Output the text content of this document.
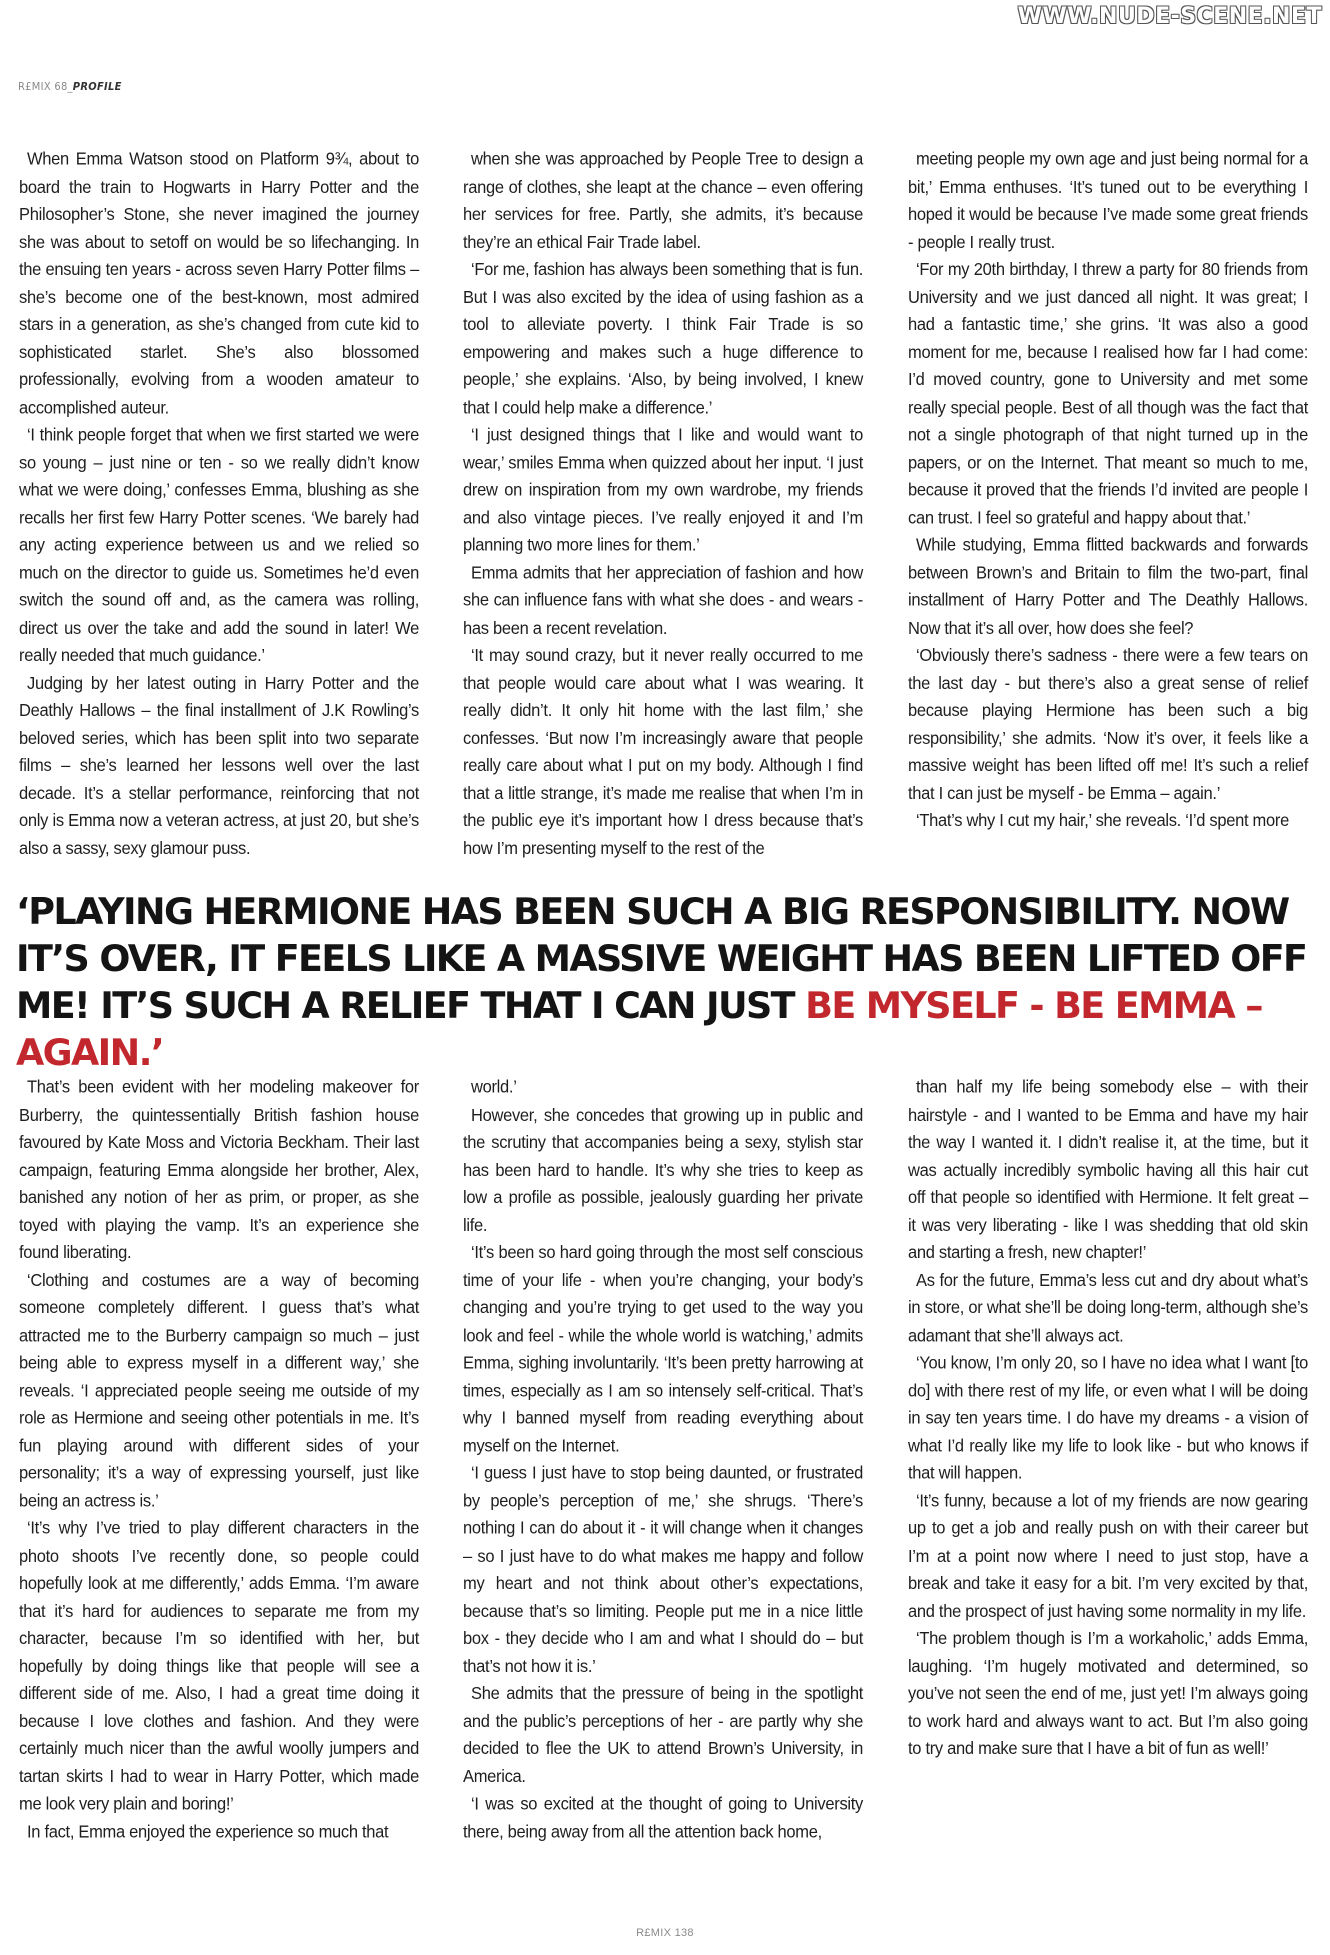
WWW.NUDE-SCENE.NET
R£MIX 68_PROFILE

When Emma Watson stood on Platform 9¾, about to board the train to Hogwarts in Harry Potter and the Philosopher’s Stone, she never imagined the journey she was about to setoff on would be so lifechanging. In the ensuing ten years - across seven Harry Potter films – she’s become one of the best-known, most admired stars in a generation, as she’s changed from cute kid to sophisticated starlet. She’s also blossomed professionally, evolving from a wooden amateur to accomplished auteur.

‘I think people forget that when we first started we were so young – just nine or ten - so we really didn’t know what we were doing,’ confesses Emma, blushing as she recalls her first few Harry Potter scenes. ‘We barely had any acting experience between us and we relied so much on the director to guide us. Sometimes he’d even switch the sound off and, as the camera was rolling, direct us over the take and add the sound in later! We really needed that much guidance.’

Judging by her latest outing in Harry Potter and the Deathly Hallows – the final installment of J.K Rowling’s beloved series, which has been split into two separate films – she’s learned her lessons well over the last decade. It’s a stellar performance, reinforcing that not only is Emma now a veteran actress, at just 20, but she’s also a sassy, sexy glamour puss.

when she was approached by People Tree to design a range of clothes, she leapt at the chance – even offering her services for free. Partly, she admits, it’s because they’re an ethical Fair Trade label.

‘For me, fashion has always been something that is fun. But I was also excited by the idea of using fashion as a tool to alleviate poverty. I think Fair Trade is so empowering and makes such a huge difference to people,’ she explains. ‘Also, by being involved, I knew that I could help make a difference.’

‘I just designed things that I like and would want to wear,’ smiles Emma when quizzed about her input. ‘I just drew on inspiration from my own wardrobe, my friends and also vintage pieces. I’ve really enjoyed it and I’m planning two more lines for them.’

Emma admits that her appreciation of fashion and how she can influence fans with what she does - and wears - has been a recent revelation.

‘It may sound crazy, but it never really occurred to me that people would care about what I was wearing. It really didn’t. It only hit home with the last film,’ she confesses. ‘But now I’m increasingly aware that people really care about what I put on my body. Although I find that a little strange, it’s made me realise that when I’m in the public eye it’s important how I dress because that’s how I’m presenting myself to the rest of the

meeting people my own age and just being normal for a bit,’ Emma enthuses. ‘It’s tuned out to be everything I hoped it would be because I’ve made some great friends - people I really trust.

‘For my 20th birthday, I threw a party for 80 friends from University and we just danced all night. It was great; I had a fantastic time,’ she grins. ‘It was also a good moment for me, because I realised how far I had come: I’d moved country, gone to University and met some really special people. Best of all though was the fact that not a single photograph of that night turned up in the papers, or on the Internet. That meant so much to me, because it proved that the friends I’d invited are people I can trust. I feel so grateful and happy about that.’

While studying, Emma flitted backwards and forwards between Brown’s and Britain to film the two-part, final installment of Harry Potter and The Deathly Hallows. Now that it’s all over, how does she feel?

‘Obviously there’s sadness - there were a few tears on the last day - but there’s also a great sense of relief because playing Hermione has been such a big responsibility,’ she admits. ‘Now it’s over, it feels like a massive weight has been lifted off me! It’s such a relief that I can just be myself - be Emma – again.’

‘That’s why I cut my hair,’ she reveals. ‘I’d spent more

‘PLAYING HERMIONE HAS BEEN SUCH A BIG RESPONSIBILITY. NOW IT’S OVER, IT FEELS LIKE A MASSIVE WEIGHT HAS BEEN LIFTED OFF ME! IT’S SUCH A RELIEF THAT I CAN JUST BE MYSELF - BE EMMA – AGAIN.’

That’s been evident with her modeling makeover for Burberry, the quintessentially British fashion house favoured by Kate Moss and Victoria Beckham. Their last campaign, featuring Emma alongside her brother, Alex, banished any notion of her as prim, or proper, as she toyed with playing the vamp. It’s an experience she found liberating.

‘Clothing and costumes are a way of becoming someone completely different. I guess that’s what attracted me to the Burberry campaign so much – just being able to express myself in a different way,’ she reveals. ‘I appreciated people seeing me outside of my role as Hermione and seeing other potentials in me. It’s fun playing around with different sides of your personality; it’s a way of expressing yourself, just like being an actress is.’

‘It’s why I’ve tried to play different characters in the photo shoots I’ve recently done, so people could hopefully look at me differently,’ adds Emma. ‘I’m aware that it’s hard for audiences to separate me from my character, because I’m so identified with her, but hopefully by doing things like that people will see a different side of me. Also, I had a great time doing it because I love clothes and fashion. And they were certainly much nicer than the awful woolly jumpers and tartan skirts I had to wear in Harry Potter, which made me look very plain and boring!’

In fact, Emma enjoyed the experience so much that

world.’

However, she concedes that growing up in public and the scrutiny that accompanies being a sexy, stylish star has been hard to handle. It’s why she tries to keep as low a profile as possible, jealously guarding her private life.

‘It’s been so hard going through the most self conscious time of your life - when you’re changing, your body’s changing and you’re trying to get used to the way you look and feel - while the whole world is watching,’ admits Emma, sighing involuntarily. ‘It’s been pretty harrowing at times, especially as I am so intensely self-critical. That’s why I banned myself from reading everything about myself on the Internet.

‘I guess I just have to stop being daunted, or frustrated by people’s perception of me,’ she shrugs. ‘There’s nothing I can do about it - it will change when it changes – so I just have to do what makes me happy and follow my heart and not think about other’s expectations, because that’s so limiting. People put me in a nice little box - they decide who I am and what I should do – but that’s not how it is.’

She admits that the pressure of being in the spotlight and the public’s perceptions of her - are partly why she decided to flee the UK to attend Brown’s University, in America.

‘I was so excited at the thought of going to University there, being away from all the attention back home,

than half my life being somebody else – with their hairstyle - and I wanted to be Emma and have my hair the way I wanted it. I didn’t realise it, at the time, but it was actually incredibly symbolic having all this hair cut off that people so identified with Hermione. It felt great – it was very liberating - like I was shedding that old skin and starting a fresh, new chapter!’

As for the future, Emma’s less cut and dry about what’s in store, or what she’ll be doing long-term, although she’s adamant that she’ll always act.

‘You know, I’m only 20, so I have no idea what I want [to do] with there rest of my life, or even what I will be doing in say ten years time. I do have my dreams - a vision of what I’d really like my life to look like - but who knows if that will happen.

‘It’s funny, because a lot of my friends are now gearing up to get a job and really push on with their career but I’m at a point now where I need to just stop, have a break and take it easy for a bit. I’m very excited by that, and the prospect of just having some normality in my life.

‘The problem though is I’m a workaholic,’ adds Emma, laughing. ‘I’m hugely motivated and determined, so you’ve not seen the end of me, just yet! I’m always going to work hard and always want to act. But I’m also going to try and make sure that I have a bit of fun as well!’

R£MIX 138
